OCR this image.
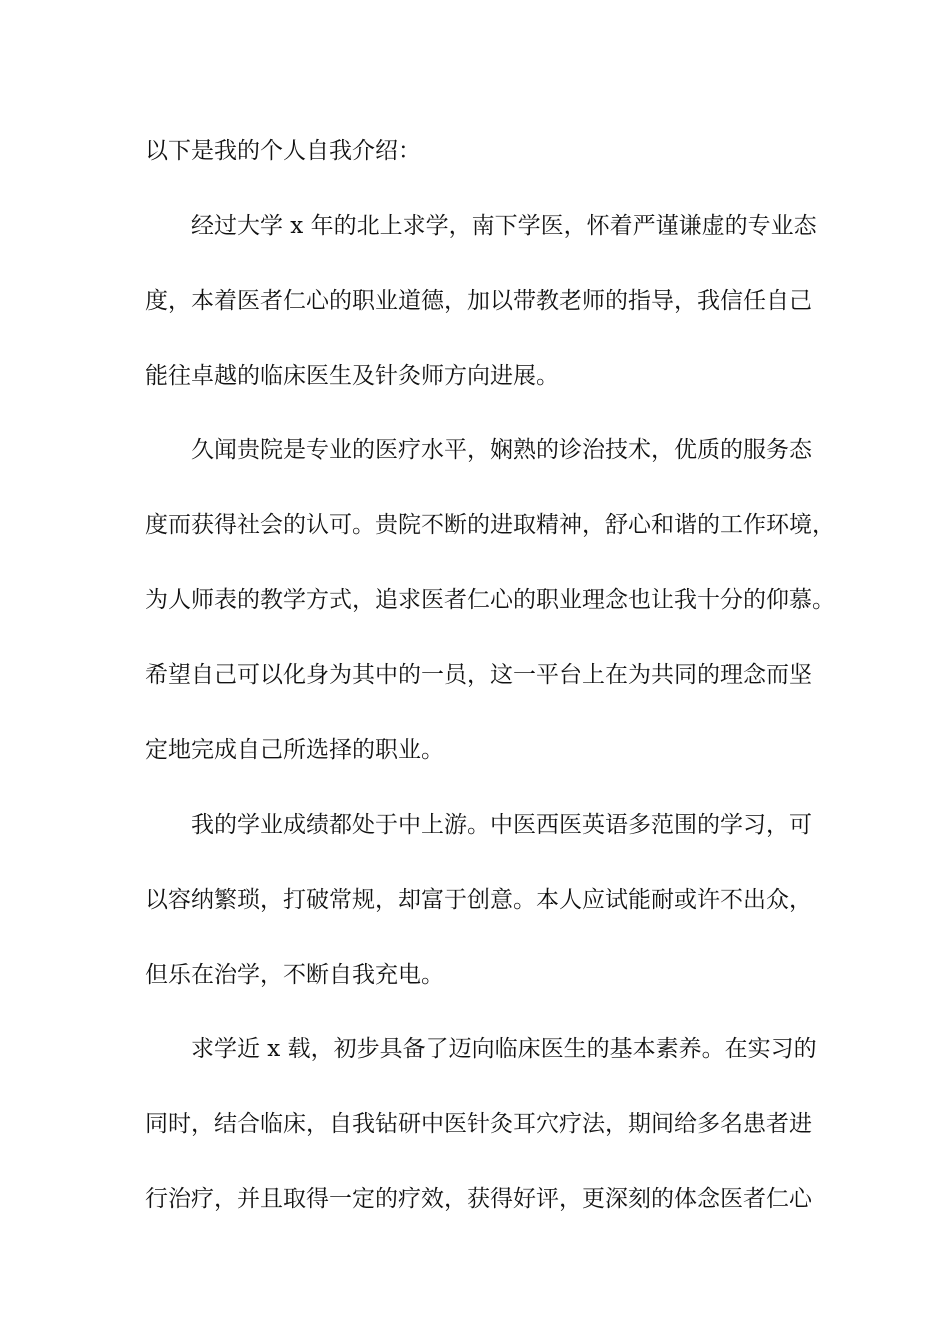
以下是我的个人自我介绍：
　　经过大学 x 年的北上求学，南下学医，怀着严谨谦虚的专业态
度，本着医者仁心的职业道德，加以带教老师的指导，我信任自己
能往卓越的临床医生及针灸师方向进展。
　　久闻贵院是专业的医疗水平，娴熟的诊治技术，优质的服务态
度而获得社会的认可。贵院不断的进取精神，舒心和谐的工作环境，
为人师表的教学方式，追求医者仁心的职业理念也让我十分的仰慕。
希望自己可以化身为其中的一员，这一平台上在为共同的理念而坚
定地完成自己所选择的职业。
　　我的学业成绩都处于中上游。中医西医英语多范围的学习，可
以容纳繁琐，打破常规，却富于创意。本人应试能耐或许不出众，
但乐在治学，不断自我充电。
　　求学近 x 载，初步具备了迈向临床医生的基本素养。在实习的
同时，结合临床，自我钻研中医针灸耳穴疗法，期间给多名患者进
行治疗，并且取得一定的疗效，获得好评，更深刻的体念医者仁心
